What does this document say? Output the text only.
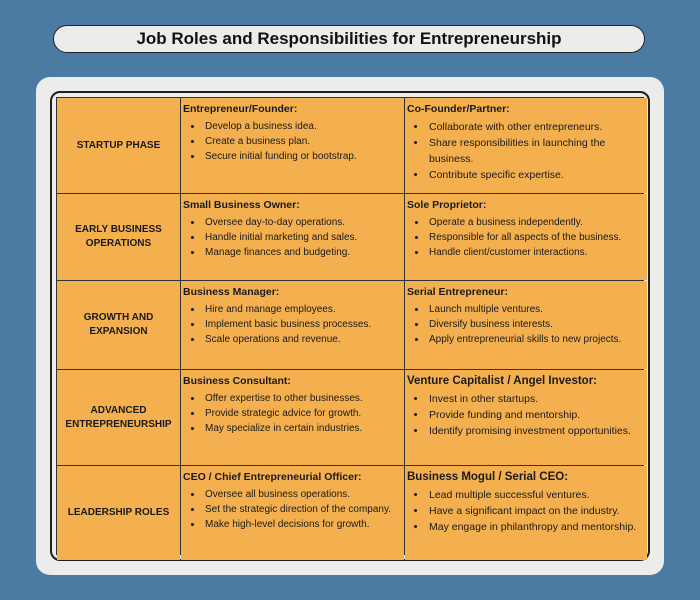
Job Roles and Responsibilities for Entrepreneurship
STARTUP PHASE
Entrepreneur/Founder:
• Develop a business idea.
• Create a business plan.
• Secure initial funding or bootstrap.
Co-Founder/Partner:
• Collaborate with other entrepreneurs.
• Share responsibilities in launching the business.
• Contribute specific expertise.
EARLY BUSINESS OPERATIONS
Small Business Owner:
• Oversee day-to-day operations.
• Handle initial marketing and sales.
• Manage finances and budgeting.
Sole Proprietor:
• Operate a business independently.
• Responsible for all aspects of the business.
• Handle client/customer interactions.
GROWTH AND EXPANSION
Business Manager:
• Hire and manage employees.
• Implement basic business processes.
• Scale operations and revenue.
Serial Entrepreneur:
• Launch multiple ventures.
• Diversify business interests.
• Apply entrepreneurial skills to new projects.
ADVANCED ENTREPRENEURSHIP
Business Consultant:
• Offer expertise to other businesses.
• Provide strategic advice for growth.
• May specialize in certain industries.
Venture Capitalist / Angel Investor:
• Invest in other startups.
• Provide funding and mentorship.
• Identify promising investment opportunities.
LEADERSHIP ROLES
CEO / Chief Entrepreneurial Officer:
• Oversee all business operations.
• Set the strategic direction of the company.
• Make high-level decisions for growth.
Business Mogul / Serial CEO:
• Lead multiple successful ventures.
• Have a significant impact on the industry.
• May engage in philanthropy and mentorship.
